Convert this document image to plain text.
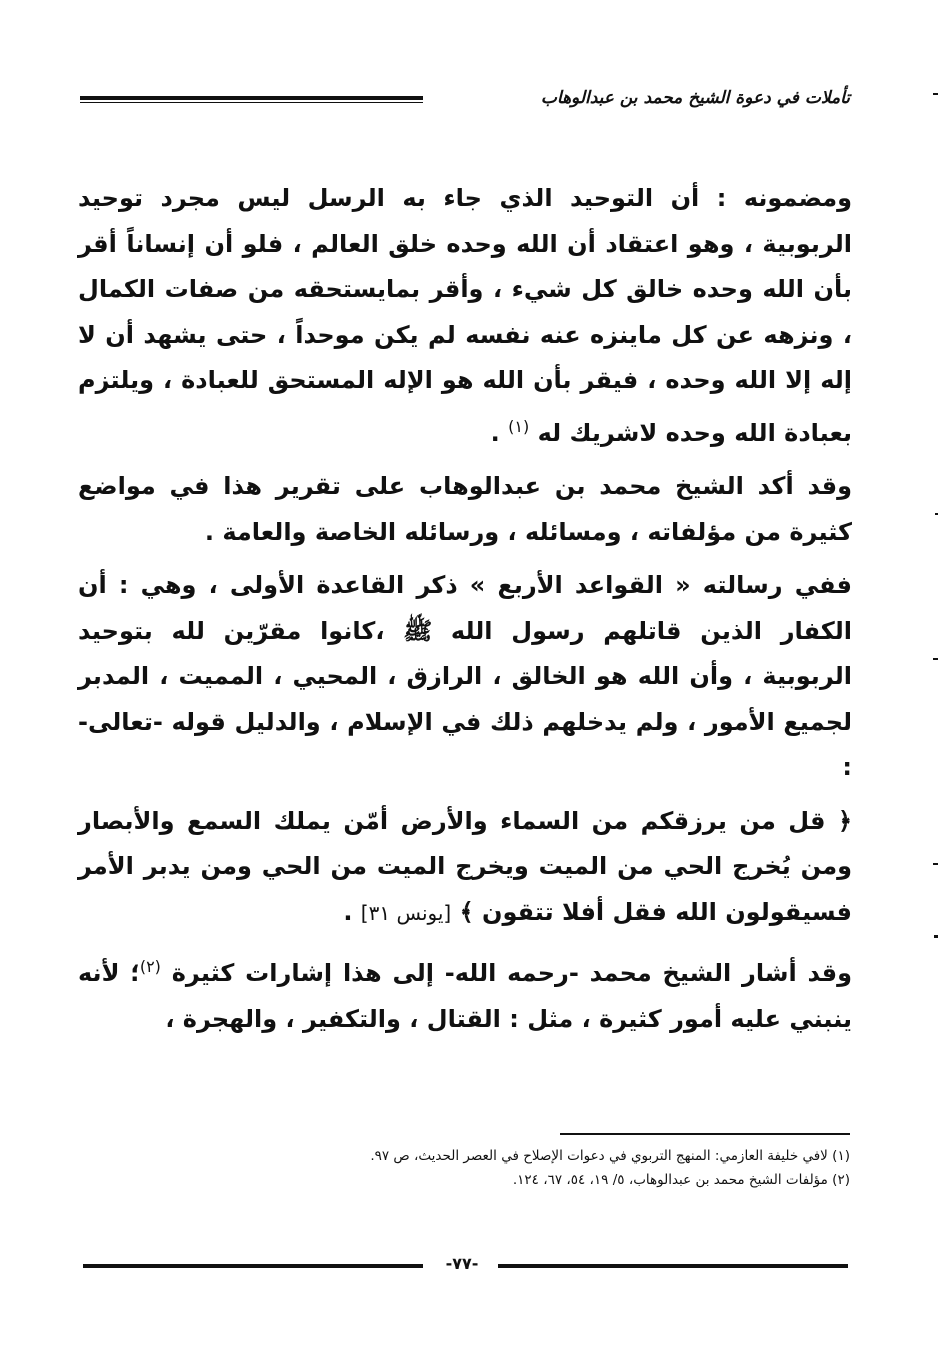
تأملات في دعوة الشيخ محمد بن عبدالوهاب

ومضمونه : أن التوحيد الذي جاء به الرسل ليس مجرد توحيد الربوبية ، وهو اعتقاد أن الله وحده خلق العالم ، فلو أن إنساناً أقر بأن الله وحده خالق كل شيء ، وأقر بمايستحقه من صفات الكمال ، ونزهه عن كل ماينزه عنه نفسه لم يكن موحداً ، حتى يشهد أن لا إله إلا الله وحده ، فيقر بأن الله هو الإله المستحق للعبادة ، ويلتزم بعبادة الله وحده لاشريك له $^{(١)}$ .

وقد أكد الشيخ محمد بن عبدالوهاب على تقرير هذا في مواضع كثيرة من مؤلفاته ، ومسائله ، ورسائله الخاصة والعامة .

ففي رسالته « القواعد الأربع » ذكر القاعدة الأولى ، وهي : أن الكفار الذين قاتلهم رسول الله ﷺ ،كانوا مقرّين لله بتوحيد الربوبية ، وأن الله هو الخالق ، الرازق ، المحيي ، المميت ، المدبر لجميع الأمور ، ولم يدخلهم ذلك في الإسلام ، والدليل قوله -تعالى- :

﴿ قل من يرزقكم من السماء والأرض أمّن يملك السمع والأبصار ومن يُخرج الحي من الميت ويخرج الميت من الحي ومن يدبر الأمر فسيقولون الله فقل أفلا تتقون ﴾ [يونس ٣١] .

وقد أشار الشيخ محمد -رحمه الله- إلى هذا إشارات كثيرة $^{(٢)}$؛ لأنه ينبني عليه أمور كثيرة ، مثل : القتال ، والتكفير ، والهجرة ،

(١) لافي خليفة العازمي: المنهج التربوي في دعوات الإصلاح في العصر الحديث، ص ٩٧.
(٢) مؤلفات الشيخ محمد بن عبدالوهاب، ٥/ ١٩، ٥٤، ٦٧، ١٢٤.
-٧٧-
